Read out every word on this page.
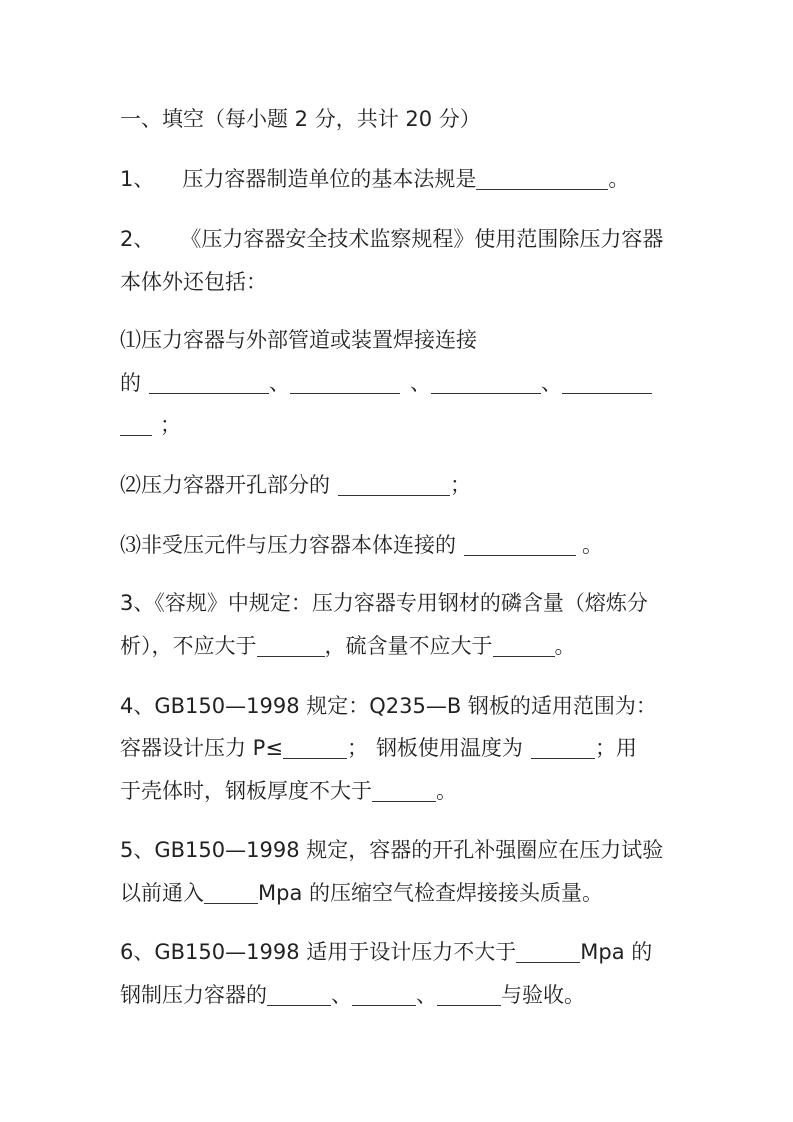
一、填空（每小题 2 分，共计 20 分）
1、 压力容器制造单位的基本法规是	。
2、 《压力容器安全技术监察规程》使用范围除压力容器
本体外还包括：
⑴压力容器与外部管道或装置焊接连接
的	、	、	、
；
⑵压力容器开孔部分的	；
⑶非受压元件与压力容器本体连接的	。
3、《容规》中规定：压力容器专用钢材的磷含量（熔炼分
析），不应大于	，硫含量不应大于	。
4、GB150—1998 规定：Q235—B 钢板的适用范围为：
容器设计压力 P≤	； 钢板使用温度为	；用
于壳体时，钢板厚度不大于	。
5、GB150—1998 规定，容器的开孔补强圈应在压力试验
以前通入	Mpa 的压缩空气检查焊接接头质量。
6、GB150—1998 适用于设计压力不大于	Mpa 的
钢制压力容器的	、	、	与验收。
